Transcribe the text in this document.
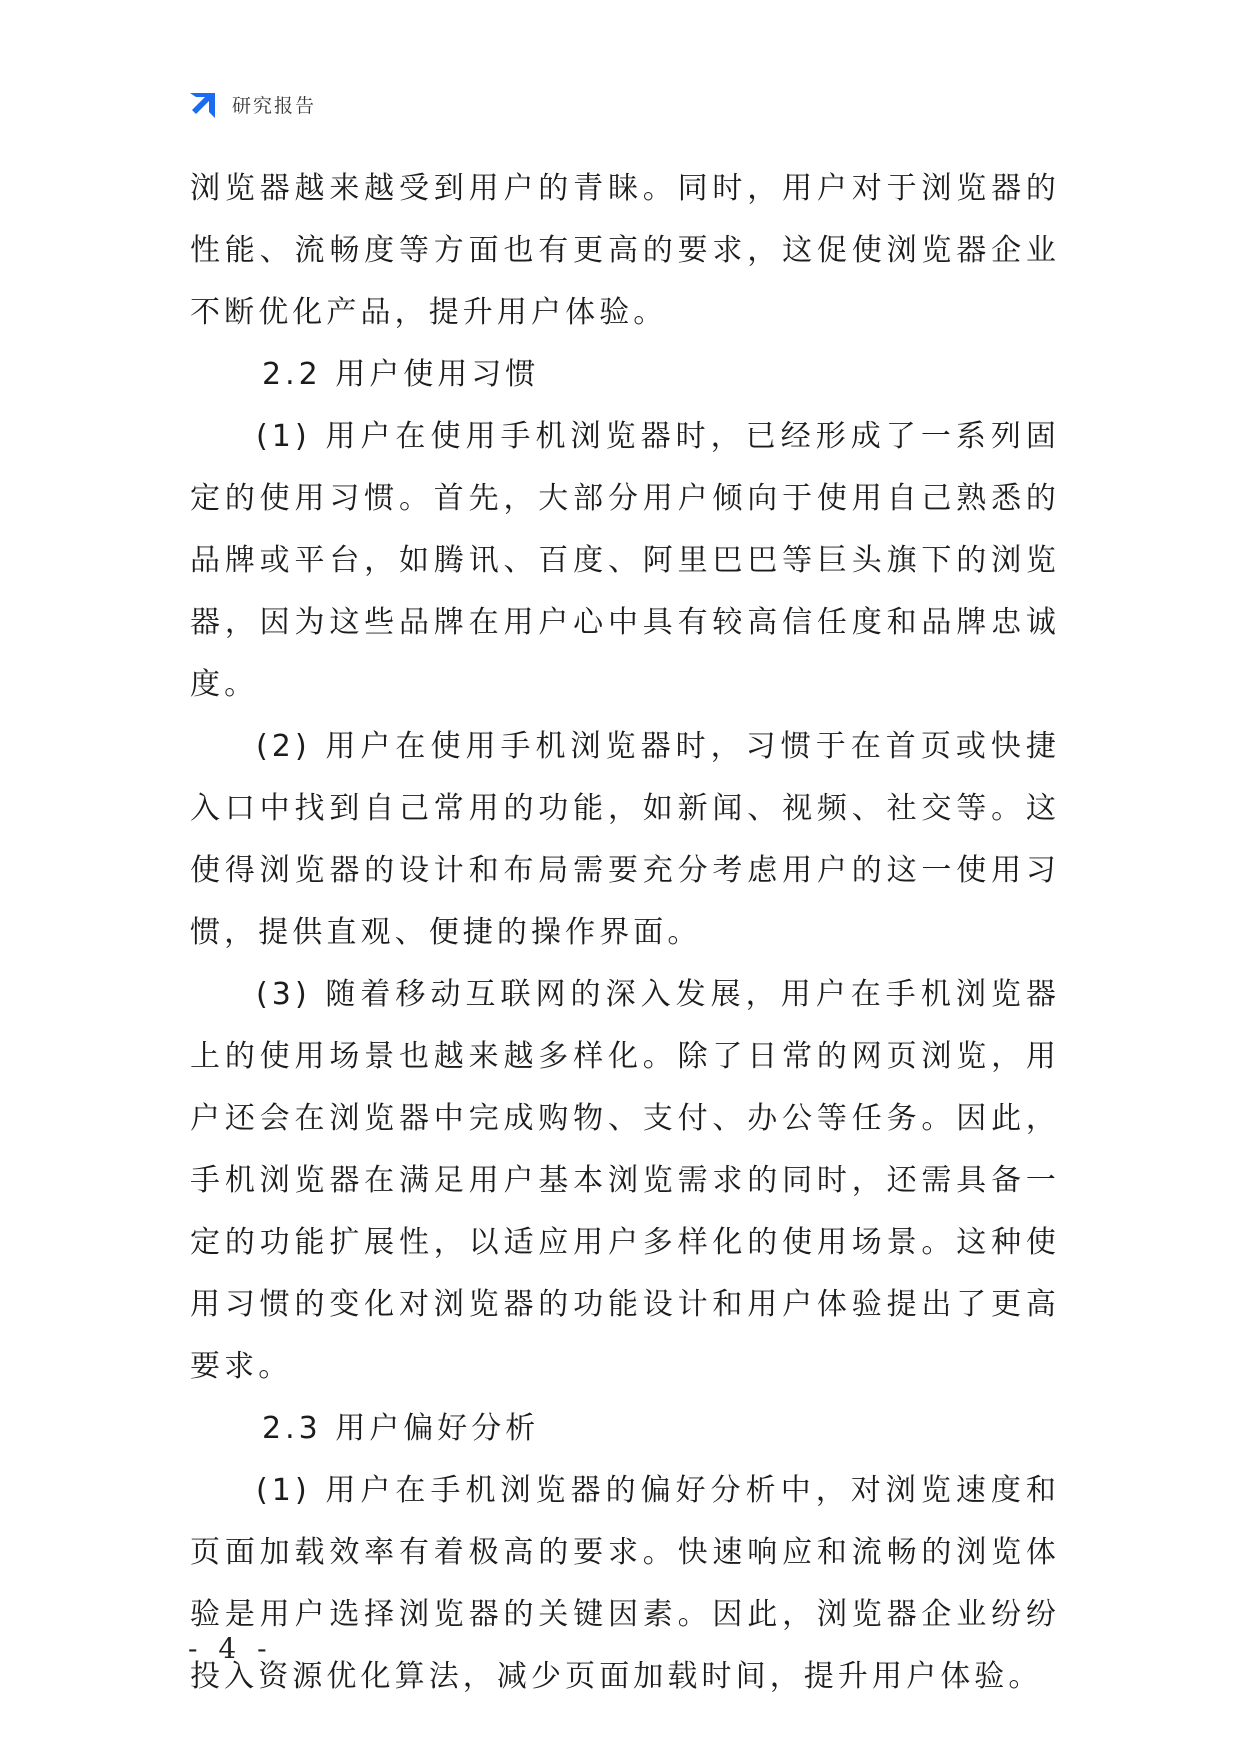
研究报告

浏览器越来越受到用户的青睐。同时，用户对于浏览器的性能、流畅度等方面也有更高的要求，这促使浏览器企业不断优化产品，提升用户体验。

2.2 用户使用习惯

(1) 用户在使用手机浏览器时，已经形成了一系列固定的使用习惯。首先，大部分用户倾向于使用自己熟悉的品牌或平台，如腾讯、百度、阿里巴巴等巨头旗下的浏览器，因为这些品牌在用户心中具有较高信任度和品牌忠诚度。

(2) 用户在使用手机浏览器时，习惯于在首页或快捷入口中找到自己常用的功能，如新闻、视频、社交等。这使得浏览器的设计和布局需要充分考虑用户的这一使用习惯，提供直观、便捷的操作界面。

(3) 随着移动互联网的深入发展，用户在手机浏览器上的使用场景也越来越多样化。除了日常的网页浏览，用户还会在浏览器中完成购物、支付、办公等任务。因此，手机浏览器在满足用户基本浏览需求的同时，还需具备一定的功能扩展性，以适应用户多样化的使用场景。这种使用习惯的变化对浏览器的功能设计和用户体验提出了更高要求。

2.3 用户偏好分析

(1) 用户在手机浏览器的偏好分析中，对浏览速度和页面加载效率有着极高的要求。快速响应和流畅的浏览体验是用户选择浏览器的关键因素。因此，浏览器企业纷纷投入资源优化算法，减少页面加载时间，提升用户体验。

- 4 -
